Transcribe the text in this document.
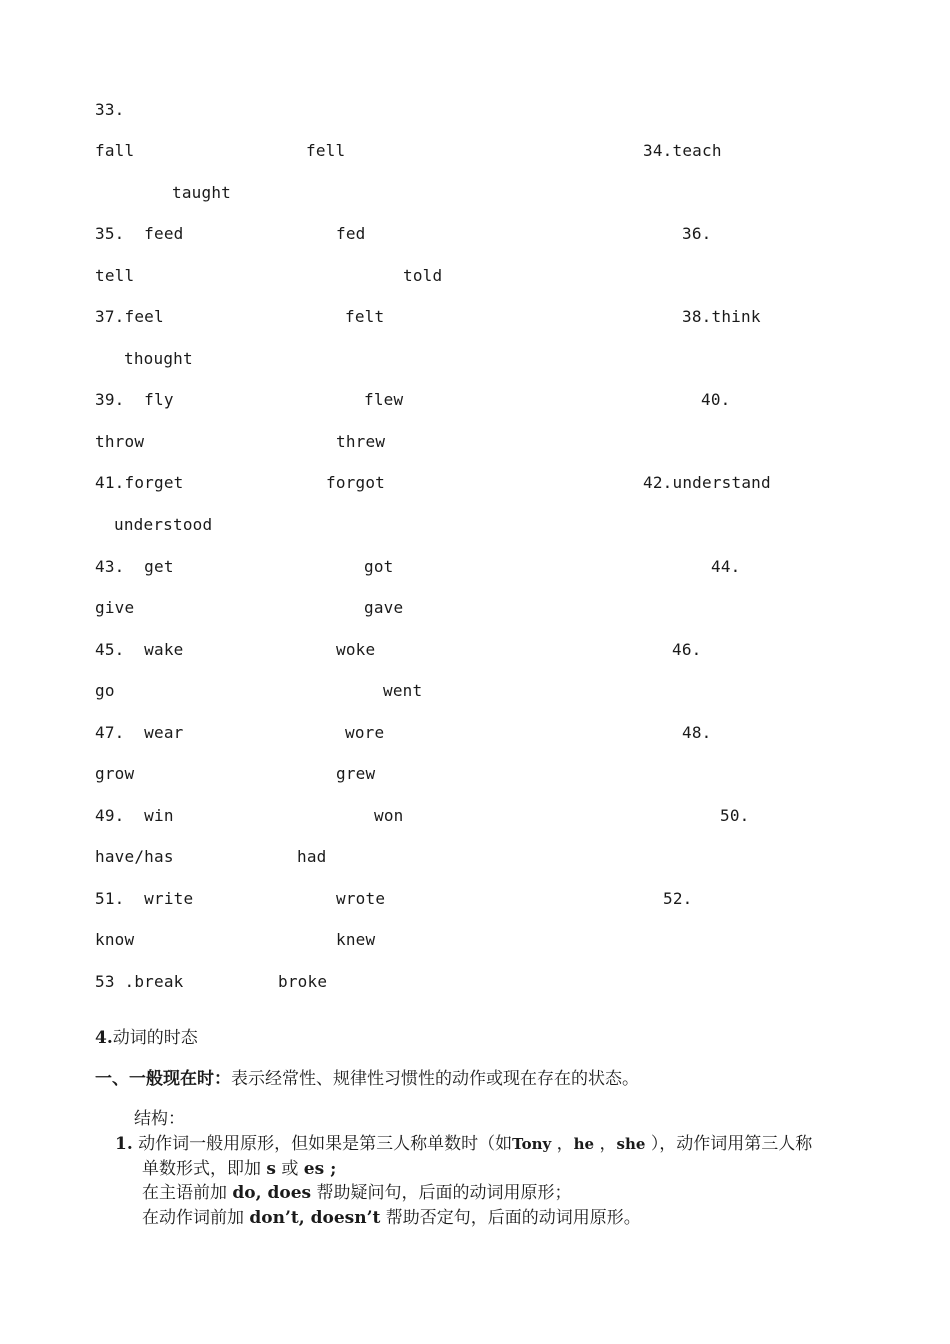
33.
fall	fell	34.teach
taught
35.  feed	fed	36.
tell	told
37.feel	felt	38.think
thought
39.  fly	flew	40.
throw	threw
41.forget	forgot	42.understand
understood
43.  get	got	44.
give	gave
45.  wake	woke	46.
go	went
47.  wear	wore	48.
grow	grew
49.  win	won	50.
have/has	had
51.  write	wrote	52.
know	knew
53 .break	broke
4.动词的时态
一、一般现在时：表示经常性、规律性习惯性的动作或现在存在的状态。
结构：
1. 动作词一般用原形，但如果是第三人称单数时（如Tony ，he ，she ），动作词用第三人称
单数形式，即加 s 或 es ;
在主语前加 do, does 帮助疑问句，后面的动词用原形；
在动作词前加 don’t, doesn’t 帮助否定句，后面的动词用原形。
